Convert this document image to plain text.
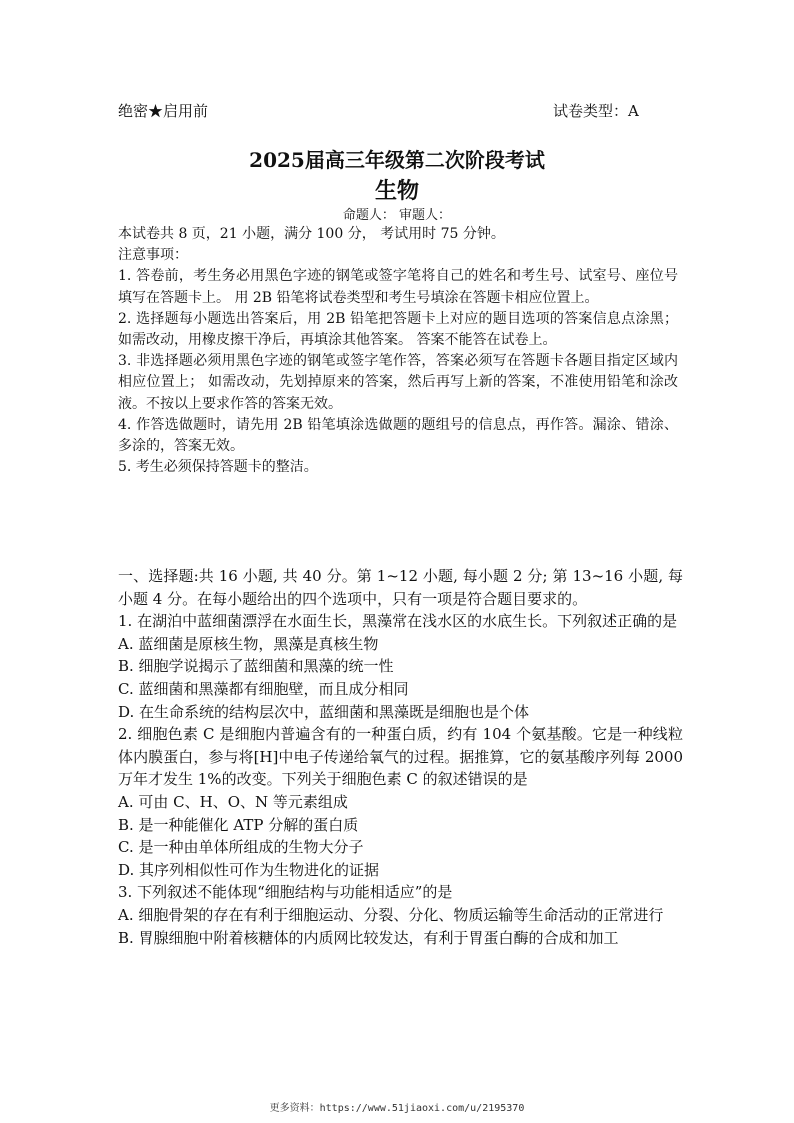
绝密★启用前	试卷类型：A
2025届高三年级第二次阶段考试
生物
命题人： 审题人：

本试卷共 8 页，21 小题，满分 100 分， 考试用时 75 分钟。

注意事项：

1. 答卷前，考生务必用黑色字迹的钢笔或签字笔将自己的姓名和考生号、试室号、座位号填写在答题卡上。 用 2B 铅笔将试卷类型和考生号填涂在答题卡相应位置上。

2. 选择题每小题选出答案后，用 2B 铅笔把答题卡上对应的题目选项的答案信息点涂黑；如需改动，用橡皮擦干净后，再填涂其他答案。 答案不能答在试卷上。

3. 非选择题必须用黑色字迹的钢笔或签字笔作答，答案必须写在答题卡各题目指定区域内相应位置上； 如需改动，先划掉原来的答案，然后再写上新的答案，不准使用铅笔和涂改液。不按以上要求作答的答案无效。

4. 作答选做题时，请先用 2B 铅笔填涂选做题的题组号的信息点，再作答。漏涂、错涂、多涂的，答案无效。

5. 考生必须保持答题卡的整洁。

一、选择题:共 16 小题, 共 40 分。第 1~12 小题, 每小题 2 分; 第 13~16 小题, 每小题 4 分。在每小题给出的四个选项中，只有一项是符合题目要求的。

1. 在湖泊中蓝细菌漂浮在水面生长，黑藻常在浅水区的水底生长。下列叙述正确的是

A. 蓝细菌是原核生物，黑藻是真核生物

B. 细胞学说揭示了蓝细菌和黑藻的统一性

C. 蓝细菌和黑藻都有细胞壁，而且成分相同

D. 在生命系统的结构层次中，蓝细菌和黑藻既是细胞也是个体

2. 细胞色素 C 是细胞内普遍含有的一种蛋白质，约有 104 个氨基酸。它是一种线粒体内膜蛋白，参与将[H]中电子传递给氧气的过程。据推算，它的氨基酸序列每 2000 万年才发生 1%的改变。下列关于细胞色素 C 的叙述错误的是

A. 可由 C、H、O、N 等元素组成

B. 是一种能催化 ATP 分解的蛋白质

C. 是一种由单体所组成的生物大分子

D. 其序列相似性可作为生物进化的证据

3. 下列叙述不能体现“细胞结构与功能相适应”的是

A. 细胞骨架的存在有利于细胞运动、分裂、分化、物质运输等生命活动的正常进行

B. 胃腺细胞中附着核糖体的内质网比较发达，有利于胃蛋白酶的合成和加工

更多资料：https://www.51jiaoxi.com/u/2195370
